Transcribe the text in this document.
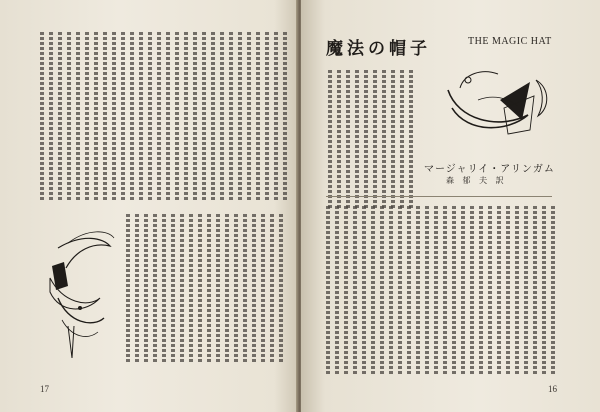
17
魔法の帽子	THE MAGIC HAT
マージャリイ・アリンガム
森 郁 夫 訳
16
